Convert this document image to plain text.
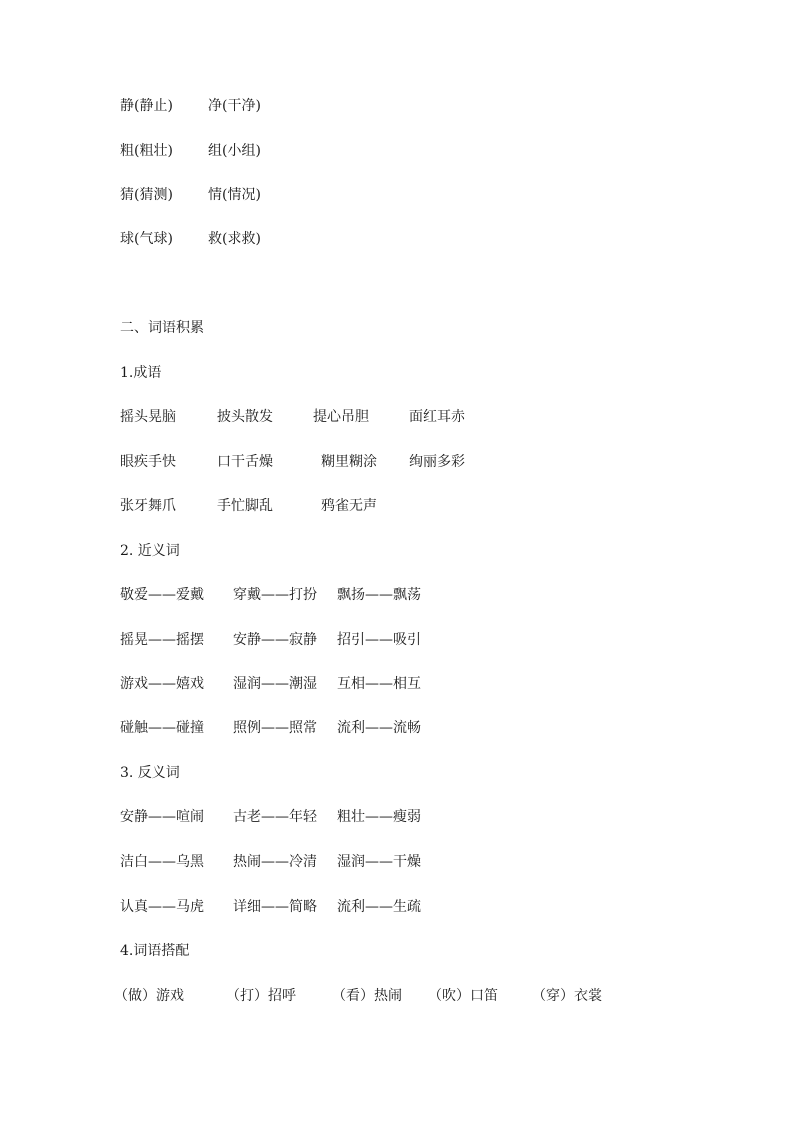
静(静止)	净(干净)
粗(粗壮)	组(小组)
猜(猜测)	情(情况)
球(气球)	救(求救)
二、词语积累
1.成语
摇头晃脑	披头散发	提心吊胆	面红耳赤
眼疾手快	口干舌燥	糊里糊涂 绚丽多彩
张牙舞爪	手忙脚乱	鸦雀无声
2. 近义词
敬爱——爱戴 穿戴——打扮 飘扬——飘荡
摇晃——摇摆 安静——寂静 招引——吸引
游戏——嬉戏 湿润——潮湿 互相——相互
碰触——碰撞 照例——照常 流利——流畅
3. 反义词
安静——喧闹 古老——年轻 粗壮——瘦弱
洁白——乌黑 热闹——冷清 湿润——干燥
认真——马虎 详细——简略 流利——生疏
4.词语搭配
（做）游戏	（打）招呼	（看）热闹 （吹）口笛 （穿）衣裳
